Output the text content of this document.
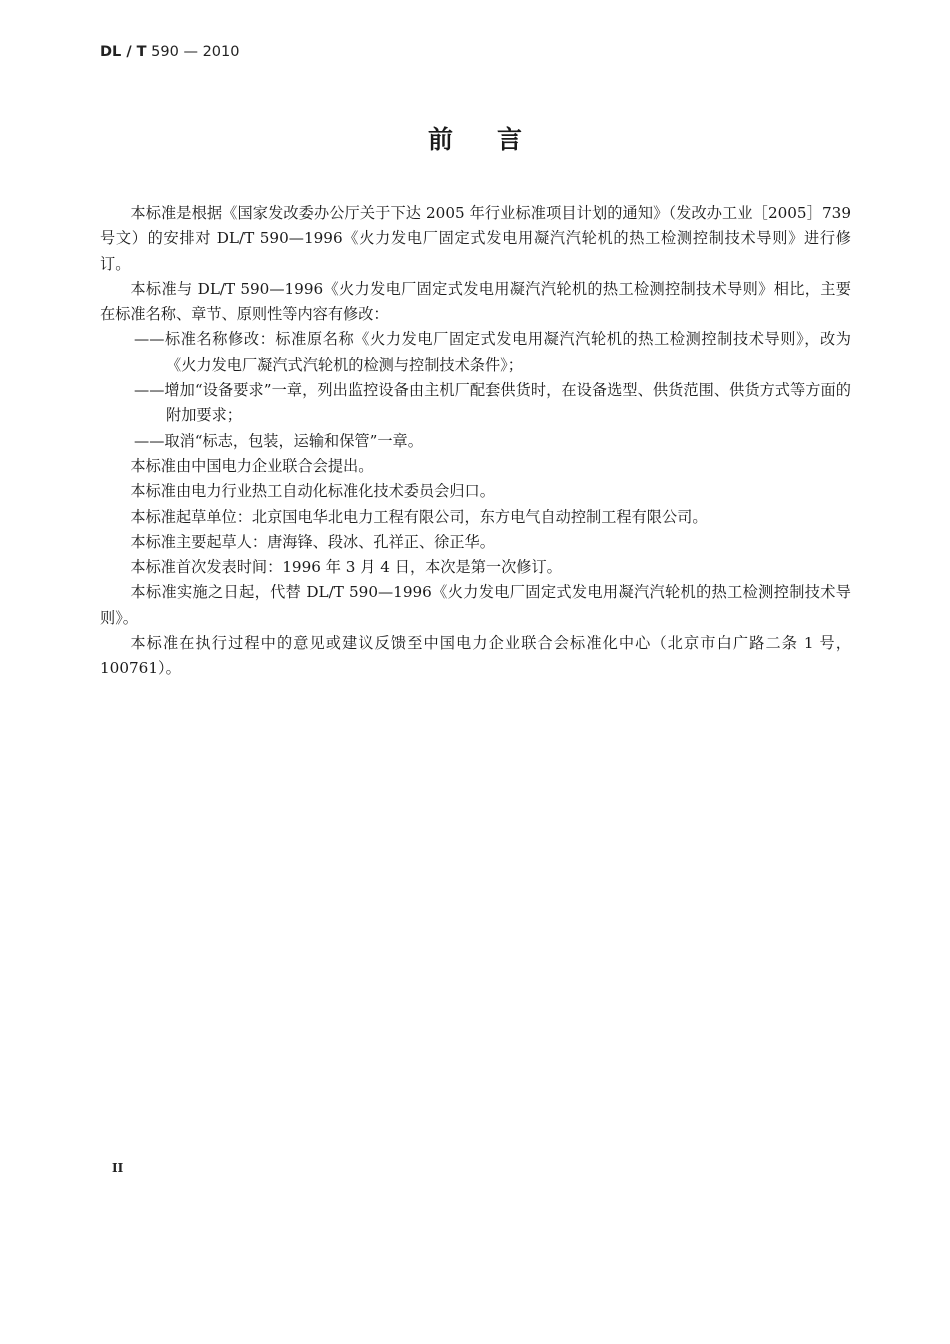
DL / T 590 — 2010
前言

本标准是根据《国家发改委办公厅关于下达 2005 年行业标准项目计划的通知》（发改办工业［2005］739 号文）的安排对 DL/T 590—1996《火力发电厂固定式发电用凝汽汽轮机的热工检测控制技术导则》进行修订。

本标准与 DL/T 590—1996《火力发电厂固定式发电用凝汽汽轮机的热工检测控制技术导则》相比，主要在标准名称、章节、原则性等内容有修改：

——标准名称修改：标准原名称《火力发电厂固定式发电用凝汽汽轮机的热工检测控制技术导则》，改为《火力发电厂凝汽式汽轮机的检测与控制技术条件》；

——增加“设备要求”一章，列出监控设备由主机厂配套供货时，在设备选型、供货范围、供货方式等方面的附加要求；

——取消“标志，包装，运输和保管”一章。

本标准由中国电力企业联合会提出。

本标准由电力行业热工自动化标准化技术委员会归口。

本标准起草单位：北京国电华北电力工程有限公司，东方电气自动控制工程有限公司。

本标准主要起草人：唐海锋、段冰、孔祥正、徐正华。

本标准首次发表时间：1996 年 3 月 4 日，本次是第一次修订。

本标准实施之日起，代替 DL/T 590—1996《火力发电厂固定式发电用凝汽汽轮机的热工检测控制技术导则》。

本标准在执行过程中的意见或建议反馈至中国电力企业联合会标准化中心（北京市白广路二条 1 号，100761）。

II
